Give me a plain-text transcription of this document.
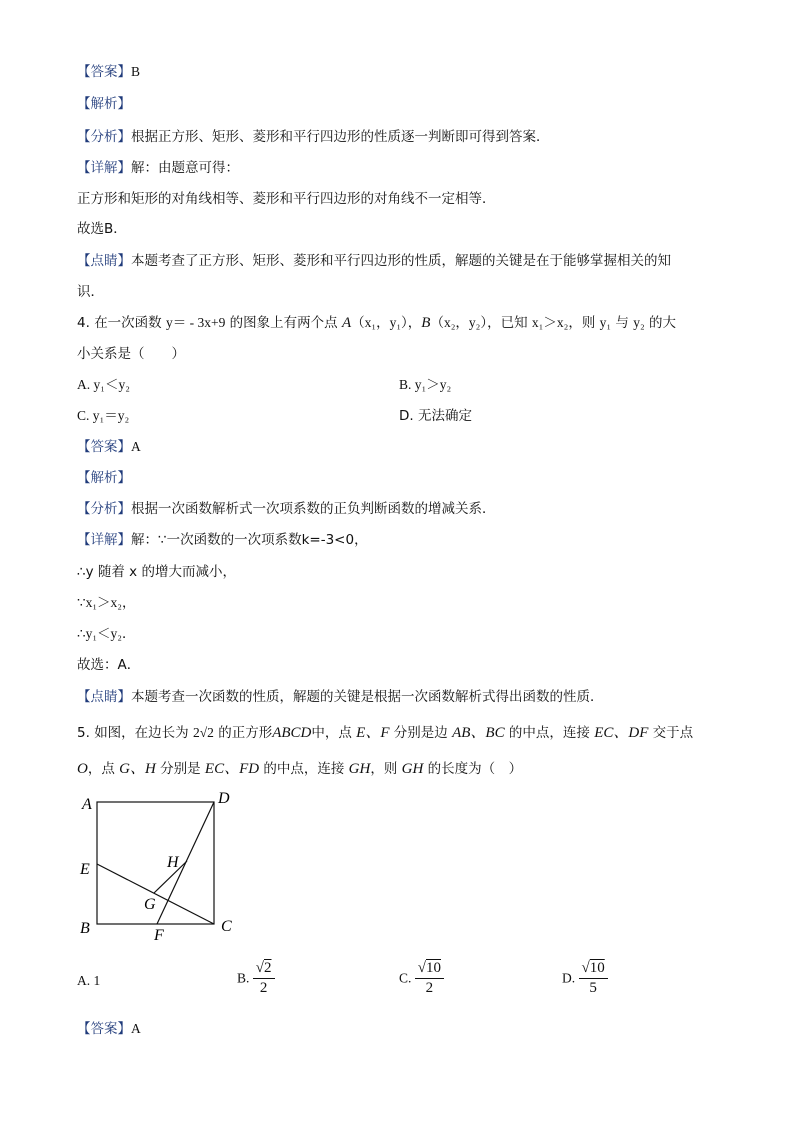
【答案】B
【解析】
【分析】根据正方形、矩形、菱形和平行四边形的性质逐一判断即可得到答案．
【详解】解：由题意可得：
正方形和矩形的对角线相等、菱形和平行四边形的对角线不一定相等．
故选B．
【点睛】本题考查了正方形、矩形、菱形和平行四边形的性质，解题的关键是在于能够掌握相关的知
识．
4. 在一次函数 y＝ - 3x+9 的图象上有两个点 A（x₁，y₁），B（x₂，y₂），已知 x₁＞x₂，则 y₁ 与 y₂ 的大
小关系是（　　）
A. y₁＜y₂	B. y₁＞y₂
C. y₁＝y₂	D. 无法确定
【答案】A
【解析】
【分析】根据一次函数解析式一次项系数的正负判断函数的增减关系．
【详解】解：∵一次函数的一次项系数k=-3<0，
∴y 随着 x 的增大而减小，
∵x₁＞x₂，
∴y₁＜y₂．
故选：A．
【点睛】本题考查一次函数的性质，解题的关键是根据一次函数解析式得出函数的性质．
5. 如图，在边长为 2√2 的正方形ABCD中，点 E、F 分别是边 AB、BC 的中点，连接 EC、DF 交于点
O，点 G、H 分别是 EC、FD 的中点，连接 GH，则 GH 的长度为（　）
A	D
E	H
G
B	C
F
A. 1	B. $\frac{√2}{2}$	C. $\frac{√10}{2}$	D. $\frac{√10}{5}$
【答案】A
